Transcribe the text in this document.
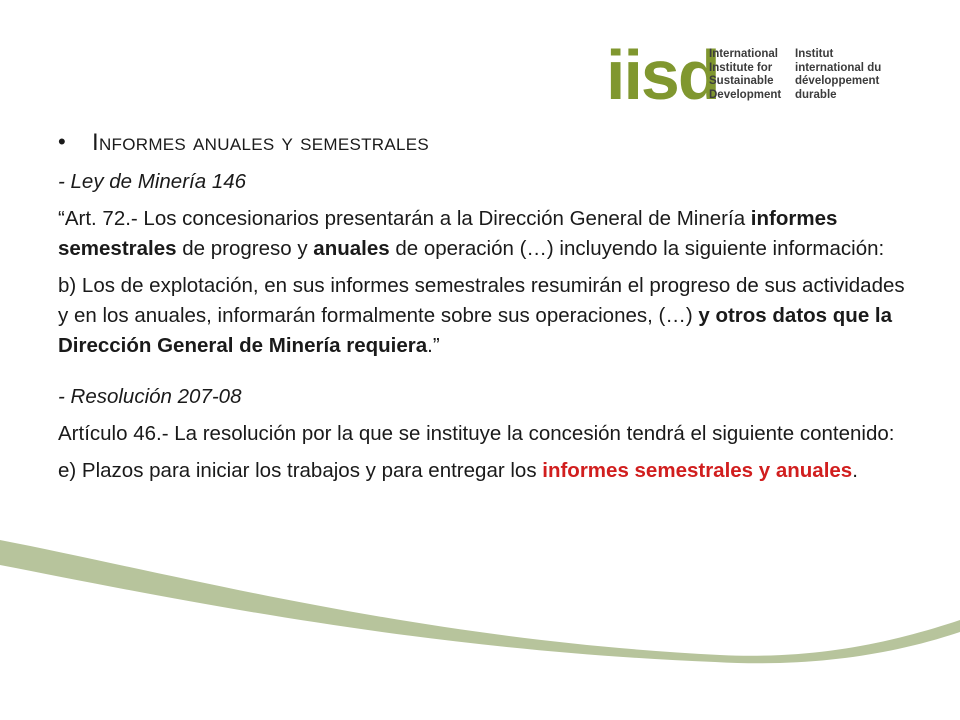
iisd
International
Institute for
Sustainable
Development
Institut
international du
développement
durable
• Informes anuales y semestrales

- Ley de Minería 146

“Art. 72.- Los concesionarios presentarán a la Dirección General de Minería informes semestrales de progreso y anuales de operación (…) incluyendo la siguiente información:

b) Los de explotación, en sus informes semestrales resumirán el progreso de sus actividades y en los anuales, informarán formalmente sobre sus operaciones, (…) y otros datos que la Dirección General de Minería requiera.”

- Resolución 207-08

Artículo 46.- La resolución por la que se instituye la concesión tendrá el siguiente contenido:

e) Plazos para iniciar los trabajos y para entregar los informes semestrales y anuales.
